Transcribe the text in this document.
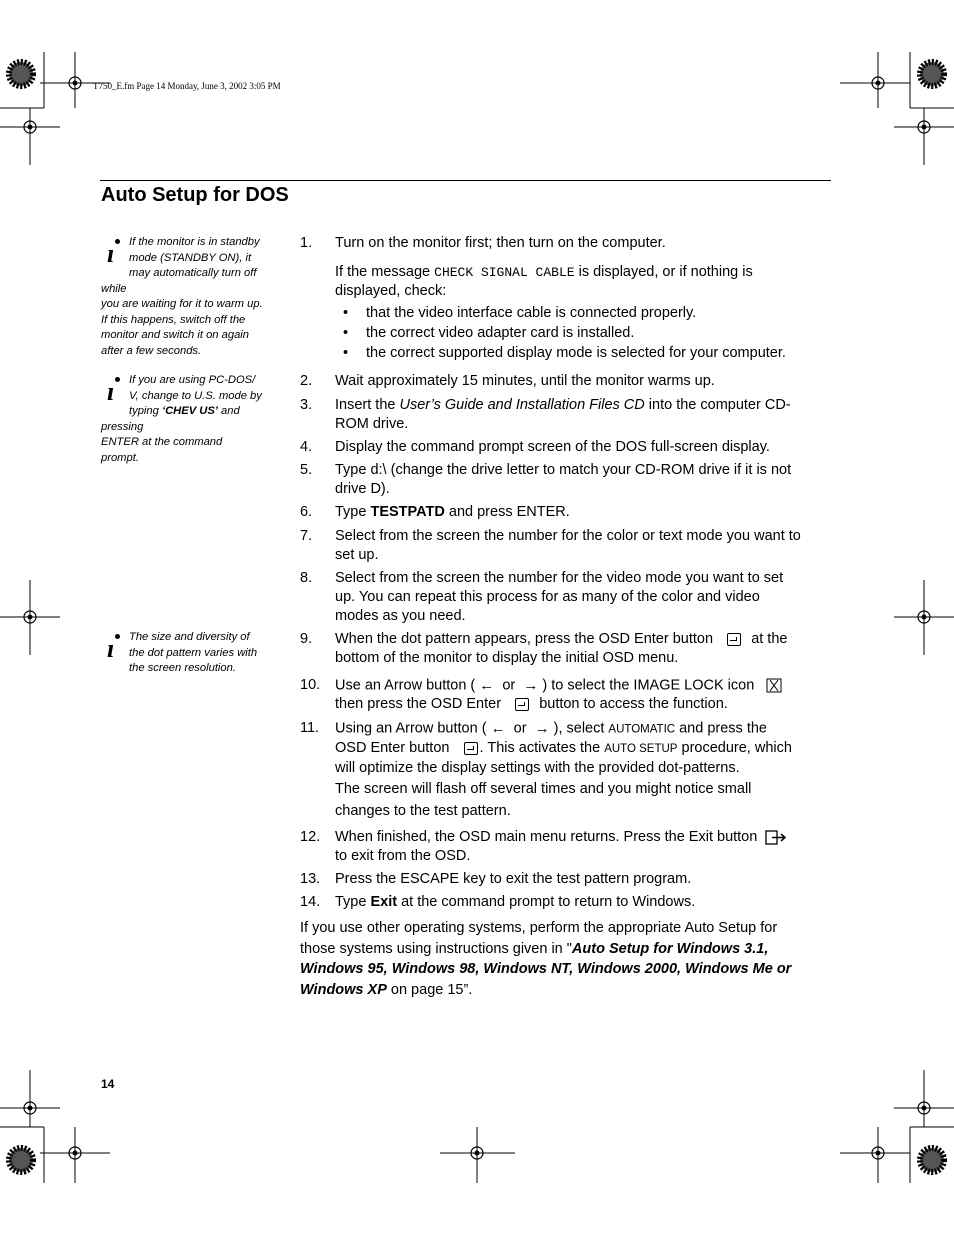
T750_E.fm Page 14 Monday, June 3, 2002 3:05 PM
Auto Setup for DOS
ı If the monitor is in standby
mode (STANDBY ON), it
may automatically turn off while
you are waiting for it to warm up.
If this happens, switch off the
monitor and switch it on again
after a few seconds.
ı If you are using PC-DOS/
V, change to U.S. mode by
typing ‘CHEV US’ and pressing
ENTER at the command
prompt.
ı The size and diversity of
the dot pattern varies with
the screen resolution.
1. Turn on the monitor first; then turn on the computer.
If the message CHECK SIGNAL CABLE is displayed, or if nothing is
displayed, check:
• that the video interface cable is connected properly.
• the correct video adapter card is installed.
• the correct supported display mode is selected for your computer.
2. Wait approximately 15 minutes, until the monitor warms up.
3. Insert the User’s Guide and Installation Files CD into the computer CD-
ROM drive.
4. Display the command prompt screen of the DOS full-screen display.
5. Type d:\ (change the drive letter to match your CD-ROM drive if it is not
drive D).
6. Type TESTPATD and press ENTER.
7. Select from the screen the number for the color or text mode you want to
set up.
8. Select from the screen the number for the video mode you want to set
up. You can repeat this process for as many of the color and video
modes as you need.
9. When the dot pattern appears, press the OSD Enter button	at the
bottom of the monitor to display the initial OSD menu.
10. Use an Arrow button ( ← or → ) to select the IMAGE LOCK icon
then press the OSD Enter	button to access the function.
11. Using an Arrow button ( ← or → ), select AUTOMATIC and press the
OSD Enter button . This activates the AUTO SETUP procedure, which
will optimize the display settings with the provided dot-patterns.
The screen will flash off several times and you might notice small
changes to the test pattern.
12. When finished, the OSD main menu returns. Press the Exit button
to exit from the OSD.
13. Press the ESCAPE key to exit the test pattern program.
14. Type Exit at the command prompt to return to Windows.
If you use other operating systems, perform the appropriate Auto Setup for
those systems using instructions given in "Auto Setup for Windows 3.1,
Windows 95, Windows 98, Windows NT, Windows 2000, Windows Me or
Windows XP on page 15”.
14
